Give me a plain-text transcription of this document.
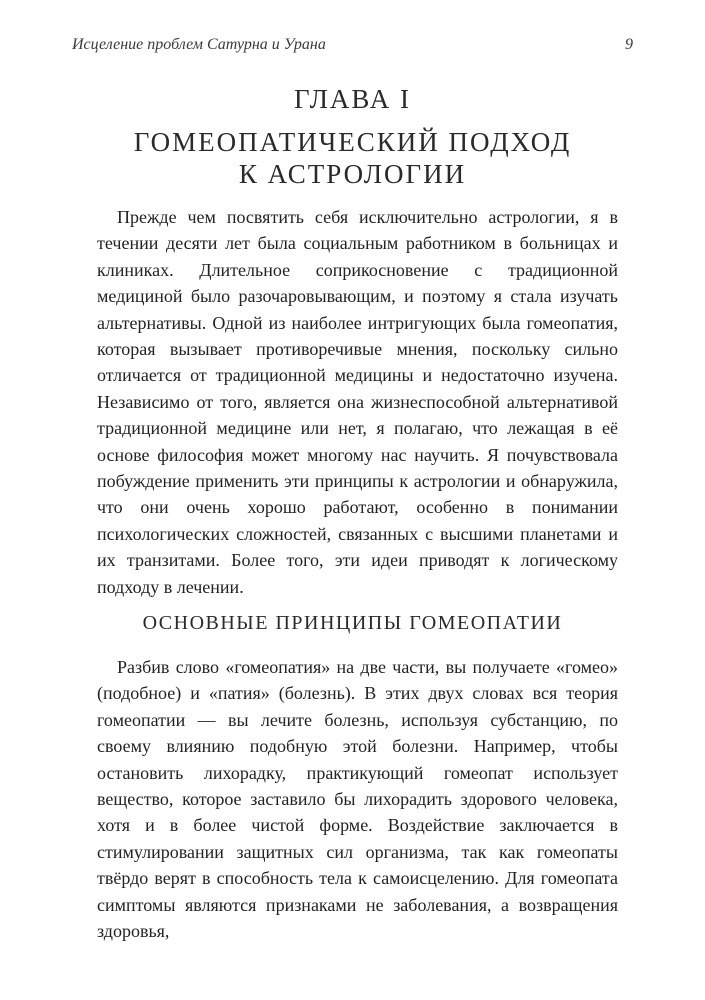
Исцеление проблем Сатурна и Урана	9
ГЛАВА I
ГОМЕОПАТИЧЕСКИЙ ПОДХОД
К АСТРОЛОГИИ

Прежде чем посвятить себя исключительно астрологии, я в течении десяти лет была социальным работником в больницах и клиниках. Длительное соприкосновение с традиционной медициной было разочаровывающим, и поэтому я стала изучать альтернативы. Одной из наиболее интригующих была гомеопатия, которая вызывает противоречивые мнения, поскольку сильно отличается от традиционной медицины и недостаточно изучена. Независимо от того, является она жизнеспособной альтернативой традиционной медицине или нет, я полагаю, что лежащая в её основе философия может многому нас научить. Я почувствовала побуждение применить эти принципы к астрологии и обнаружила, что они очень хорошо работают, особенно в понимании психологических сложностей, связанных с высшими планетами и их транзитами. Более того, эти идеи приводят к логическому подходу в лечении.

ОСНОВНЫЕ ПРИНЦИПЫ ГОМЕОПАТИИ

Разбив слово «гомеопатия» на две части, вы получаете «гомео» (подобное) и «патия» (болезнь). В этих двух словах вся теория гомеопатии — вы лечите болезнь, используя субстанцию, по своему влиянию подобную этой болезни. Например, чтобы остановить лихорадку, практикующий гомеопат использует вещество, которое заставило бы лихорадить здорового человека, хотя и в более чистой форме. Воздействие заключается в стимулировании защитных сил организма, так как гомеопаты твёрдо верят в способность тела к самоисцелению. Для гомеопата симптомы являются признаками не заболевания, а возвращения здоровья,
